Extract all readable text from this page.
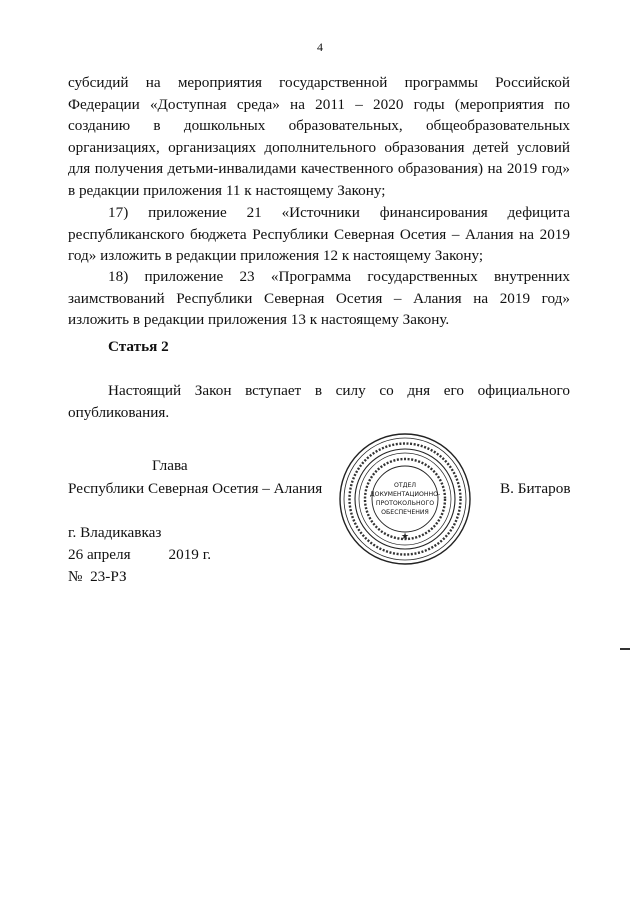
4
субсидий на мероприятия государственной программы Российской
Федерации «Доступная среда» на 2011 – 2020 годы (мероприятия по
созданию в дошкольных образовательных, общеобразовательных
организациях, организациях дополнительного образования детей условий
для получения детьми-инвалидами качественного образования) на 2019 год»
в редакции приложения 11 к настоящему Закону;
17) приложение 21 «Источники финансирования дефицита
республиканского бюджета Республики Северная Осетия – Алания на 2019
год» изложить в редакции приложения 12 к настоящему Закону;
18) приложение 23 «Программа государственных внутренних
заимствований Республики Северная Осетия – Алания на 2019 год»
изложить в редакции приложения 13 к настоящему Закону.
Статья 2
Настоящий Закон вступает в силу со дня его официального
опубликования.
Глава
Республики Северная Осетия – Алания	В. Битаров
★
ОТДЕЛ
ДОКУМЕНТАЦИОННО-
ПРОТОКОЛЬНОГО
ОБЕСПЕЧЕНИЯ
г. Владикавказ
26 апреля          2019 г.
№  23-РЗ
